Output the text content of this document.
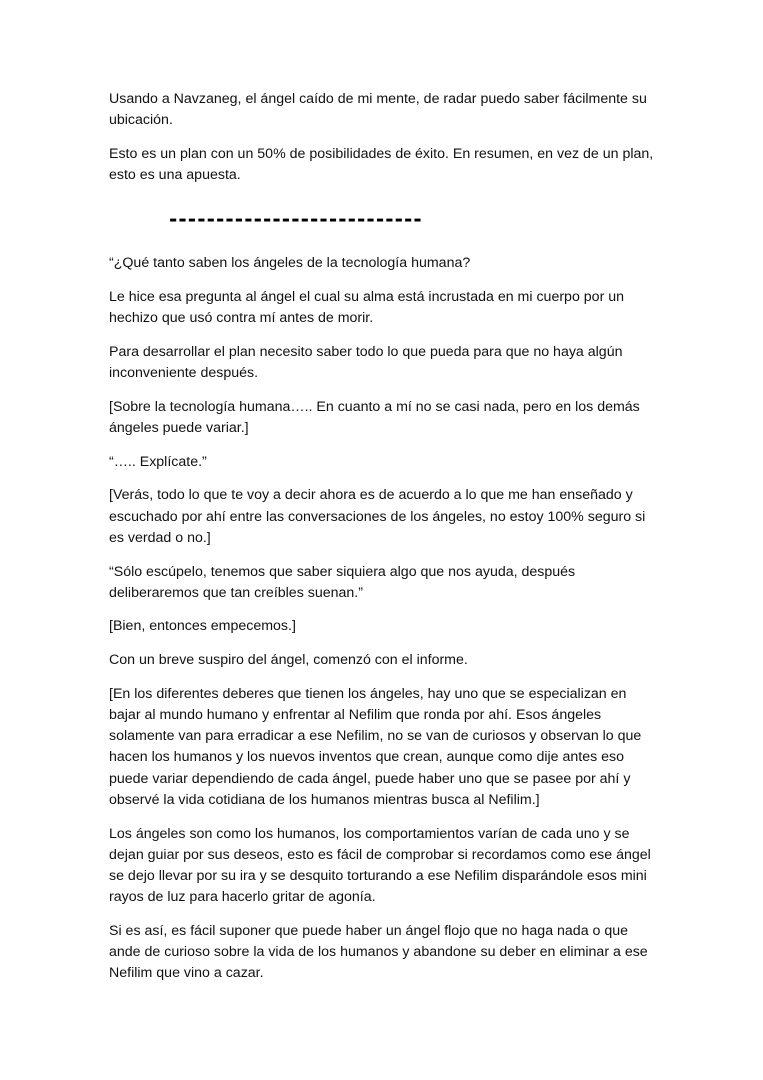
Usando a Navzaneg, el ángel caído de mi mente, de radar puedo saber fácilmente su ubicación.

Esto es un plan con un 50% de posibilidades de éxito. En resumen, en vez de un plan, esto es una apuesta.

---------------------------

“¿Qué tanto saben los ángeles de la tecnología humana?

Le hice esa pregunta al ángel el cual su alma está incrustada en mi cuerpo por un hechizo que usó contra mí antes de morir.

Para desarrollar el plan necesito saber todo lo que pueda para que no haya algún inconveniente después.

[Sobre la tecnología humana….. En cuanto a mí no se casi nada, pero en los demás ángeles puede variar.]

“….. Explícate.”

[Verás, todo lo que te voy a decir ahora es de acuerdo a lo que me han enseñado y escuchado por ahí entre las conversaciones de los ángeles, no estoy 100% seguro si es verdad o no.]

“Sólo escúpelo, tenemos que saber siquiera algo que nos ayuda, después deliberaremos que tan creíbles suenan.”

[Bien, entonces empecemos.]

Con un breve suspiro del ángel, comenzó con el informe.

[En los diferentes deberes que tienen los ángeles, hay uno que se especializan en bajar al mundo humano y enfrentar al Nefilim que ronda por ahí. Esos ángeles solamente van para erradicar a ese Nefilim, no se van de curiosos y observan lo que hacen los humanos y los nuevos inventos que crean, aunque como dije antes eso puede variar dependiendo de cada ángel, puede haber uno que se pasee por ahí y observé la vida cotidiana de los humanos mientras busca al Nefilim.]

Los ángeles son como los humanos, los comportamientos varían de cada uno y se dejan guiar por sus deseos, esto es fácil de comprobar si recordamos como ese ángel se dejo llevar por su ira y se desquito torturando a ese Nefilim disparándole esos mini rayos de luz para hacerlo gritar de agonía.

Si es así, es fácil suponer que puede haber un ángel flojo que no haga nada o que ande de curioso sobre la vida de los humanos y abandone su deber en eliminar a ese Nefilim que vino a cazar.
